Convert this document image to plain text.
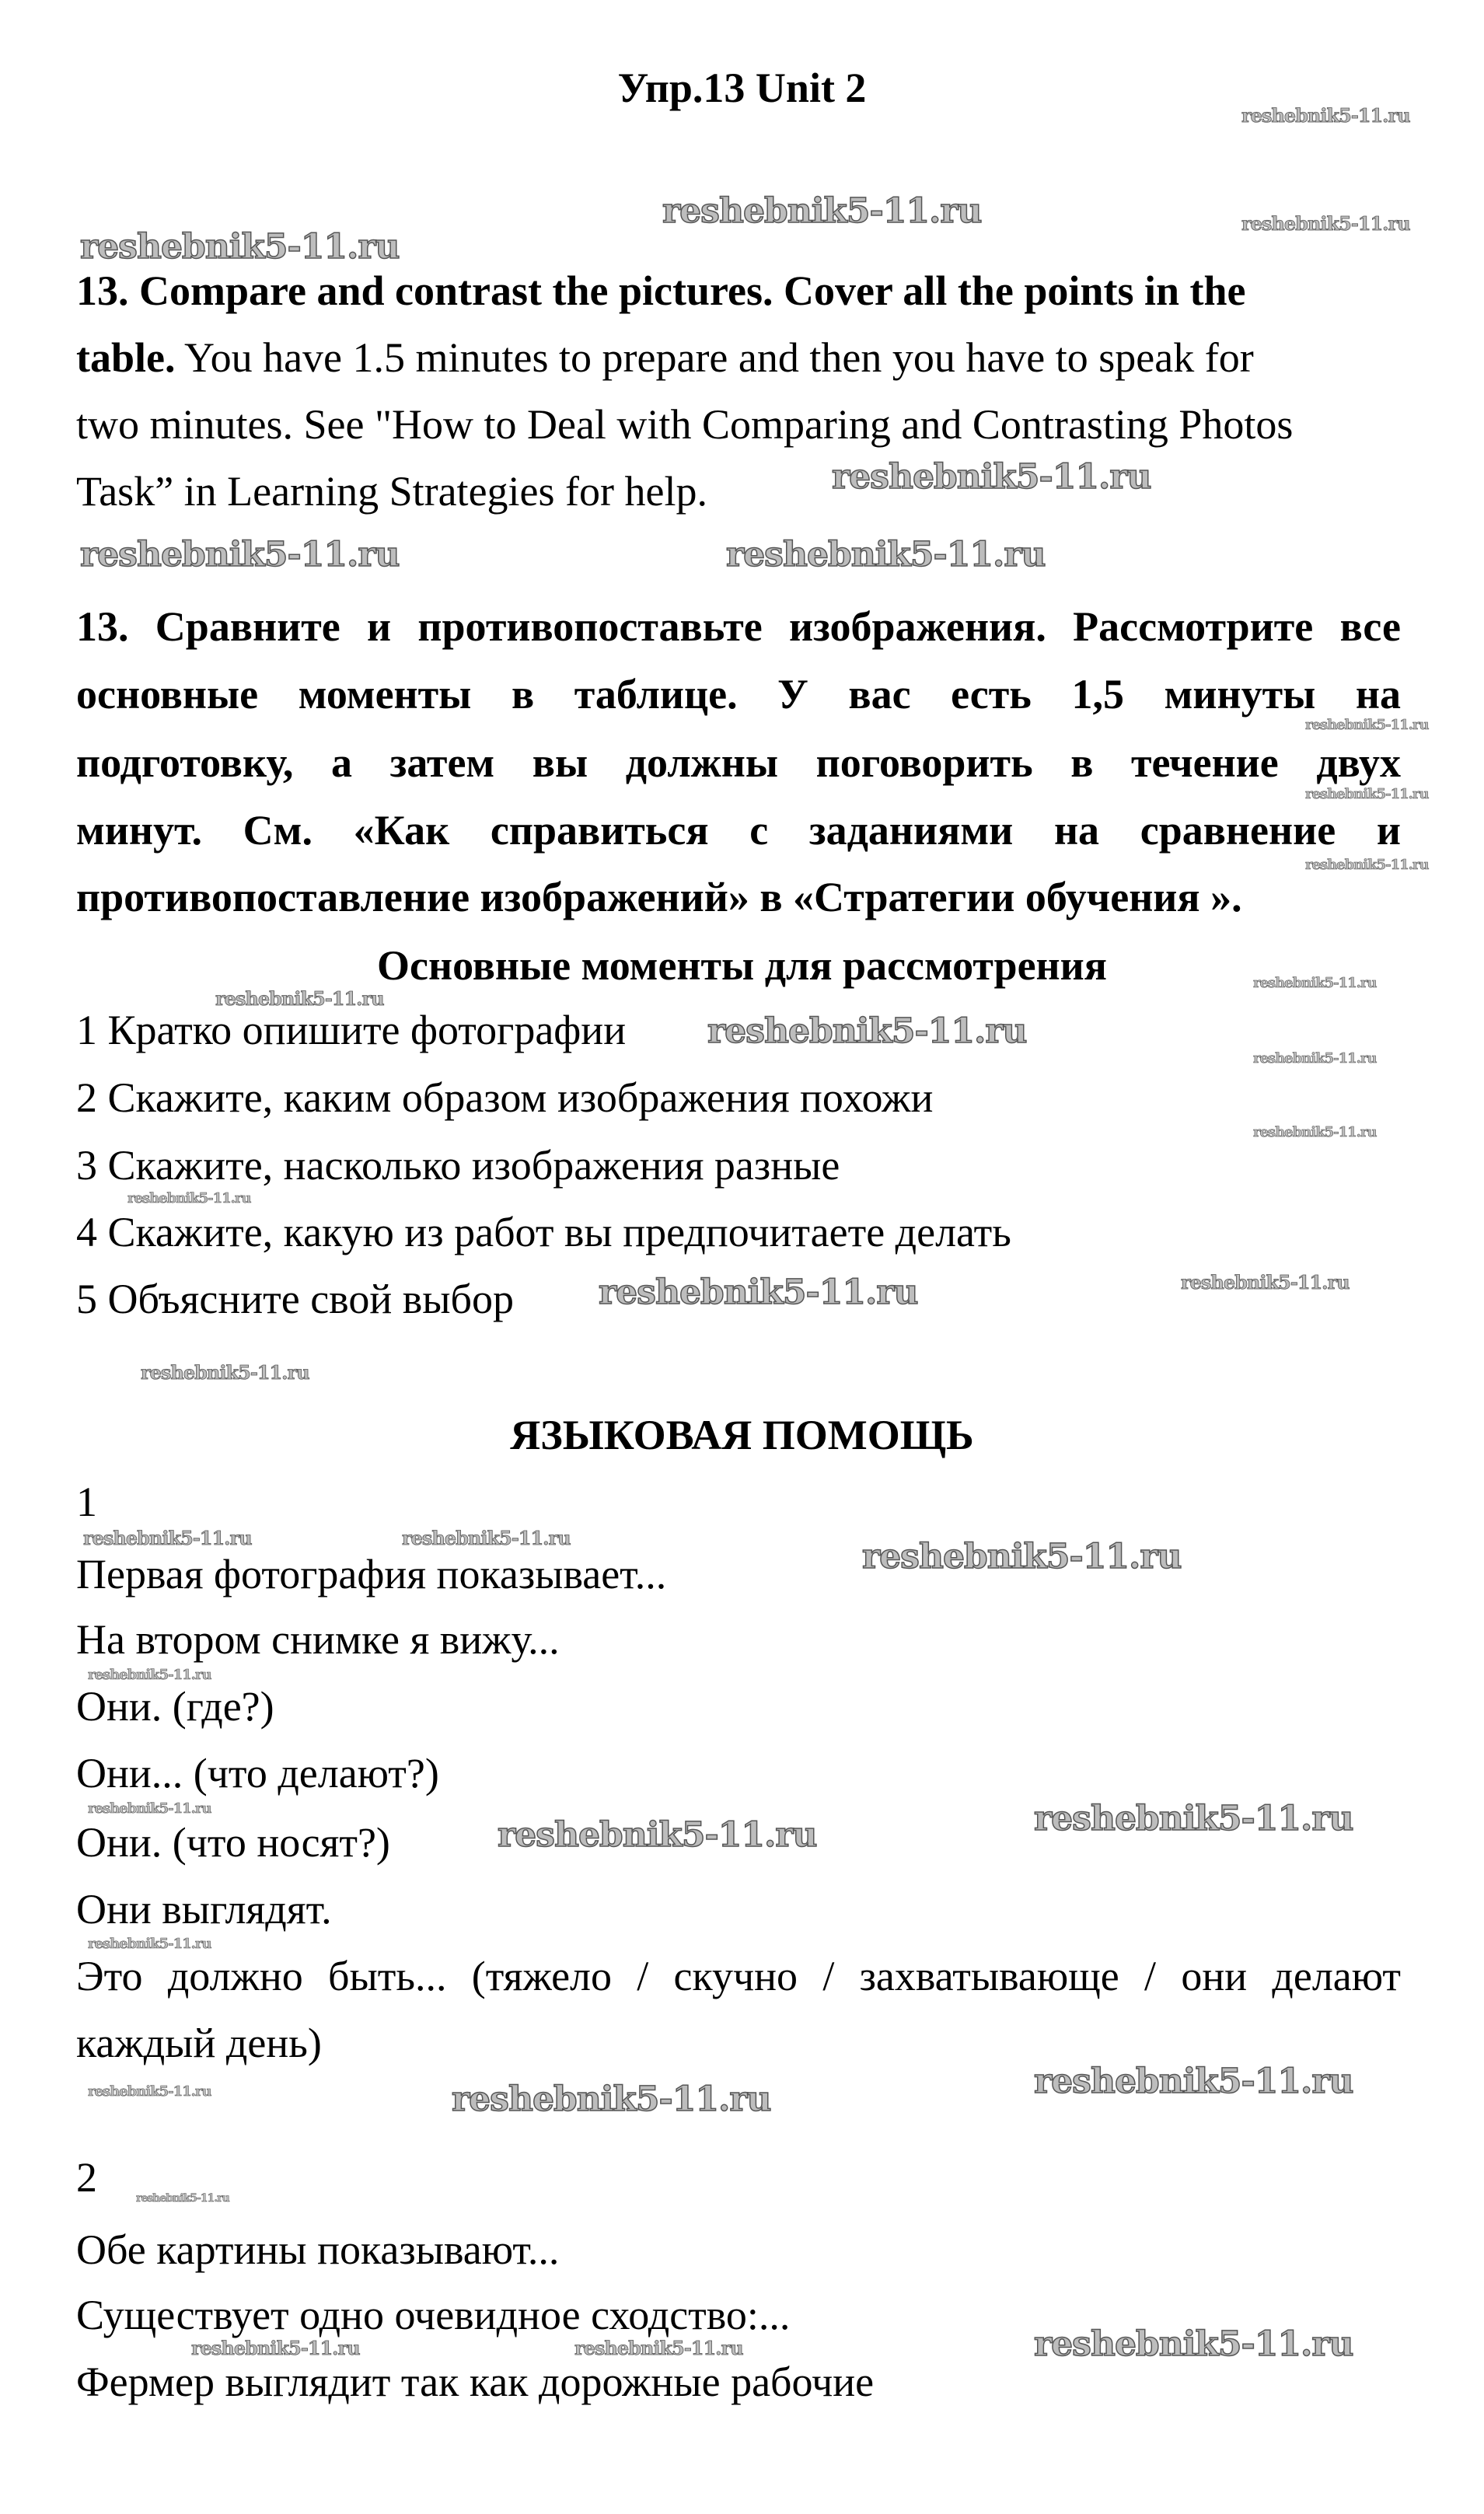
Упр.13 Unit 2
13. Compare and contrast the pictures. Cover all the points in the
table. You have 1.5 minutes to prepare and then you have to speak for
two minutes. See "How to Deal with Comparing and Contrasting Photos
Task” in Learning Strategies for help.
13. Сравните и противопоставьте изображения. Рассмотрите все
основные моменты в таблице. У вас есть 1,5 минуты на
подготовку, а затем вы должны поговорить в течение двух
минут. См. «Как справиться с заданиями на сравнение и
противопоставление изображений» в «Стратегии обучения ».
Основные моменты для рассмотрения
1 Кратко опишите фотографии
2 Скажите, каким образом изображения похожи
3 Скажите, насколько изображения разные
4 Скажите, какую из работ вы предпочитаете делать
5 Объясните свой выбор
ЯЗЫКОВАЯ ПОМОЩЬ
1
Первая фотография показывает...
На втором снимке я вижу...
Они. (где?)
Они... (что делают?)
Они. (что носят?)
Они выглядят.
Это должно быть... (тяжело / скучно / захватывающе / они делают
каждый день)
2
Обе картины показывают...
Существует одно очевидное сходство:...
Фермер выглядит так как дорожные рабочие
reshebnik5-11.ru
reshebnik5-11.ru	reshebnik5-11.ru
reshebnik5-11.ru
reshebnik5-11.ru
reshebnik5-11.ru	reshebnik5-11.ru
reshebnik5-11.ru
reshebnik5-11.ru
reshebnik5-11.ru
reshebnik5-11.ru
reshebnik5-11.ru
reshebnik5-11.ru
reshebnik5-11.ru
reshebnik5-11.ru
reshebnik5-11.ru
reshebnik5-11.ru	reshebnik5-11.ru
reshebnik5-11.ru
reshebnik5-11.ru	reshebnik5-11.ru	reshebnik5-11.ru
reshebnik5-11.ru
reshebnik5-11.ru
reshebnik5-11.ru	reshebnik5-11.ru
reshebnik5-11.ru
reshebnik5-11.ru	reshebnik5-11.ru	reshebnik5-11.ru
reshebnik5-11.ru
reshebnik5-11.ru
reshebnik5-11.ru	reshebnik5-11.ru
